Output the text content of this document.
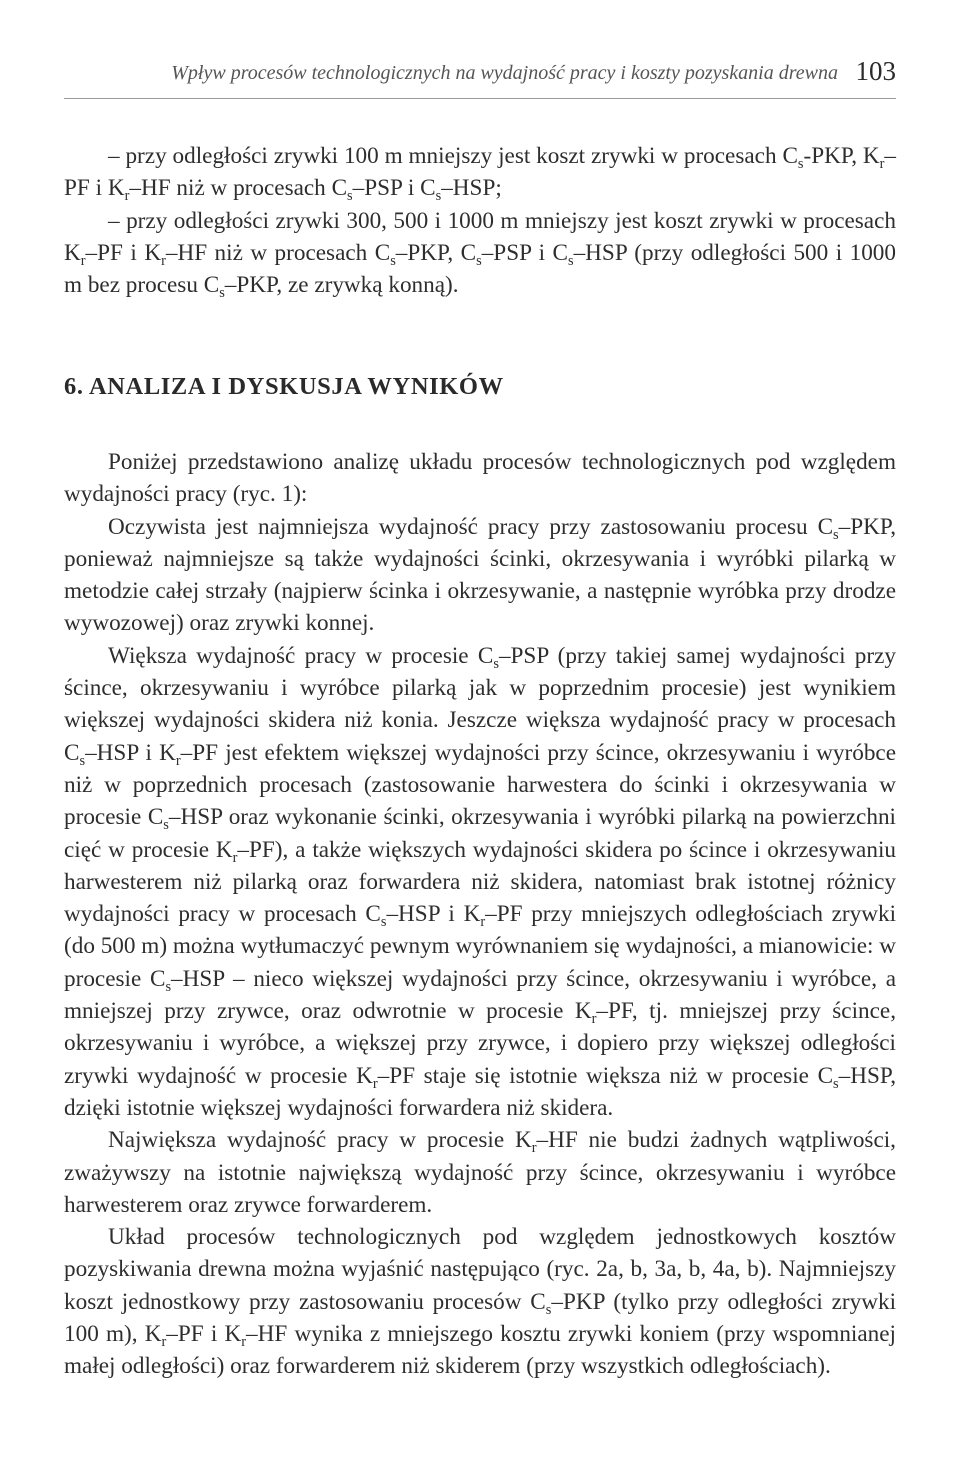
Wpływ procesów technologicznych na wydajność pracy i koszty pozyskania drewna 103

– przy odległości zrywki 100 m mniejszy jest koszt zrywki w procesach $C_s$-PKP, $K_r-PF$ i $K_r-HF$ niż w procesach $C_s$–PSP i $C_s$–HSP;

– przy odległości zrywki 300, 500 i 1000 m mniejszy jest koszt zrywki w procesach $K_r-PF$ i $K_r-HF$ niż w procesach $C_s$–PKP, $C_s$–PSP i $C_s$–HSP (przy odległości 500 i 1000 m bez procesu $C_s$–PKP, ze zrywką konną).

6. ANALIZA I DYSKUSJA WYNIKÓW

Poniżej przedstawiono analizę układu procesów technologicznych pod względem wydajności pracy (ryc. 1):

Oczywista jest najmniejsza wydajność pracy przy zastosowaniu procesu $C_s$–PKP, ponieważ najmniejsze są także wydajności ścinki, okrzesywania i wyróbki pilarką w metodzie całej strzały (najpierw ścinka i okrzesywanie, a następnie wyróbka przy drodze wywozowej) oraz zrywki konnej.

Większa wydajność pracy w procesie $C_s$–PSP (przy takiej samej wydajności przy ścince, okrzesywaniu i wyróbce pilarką jak w poprzednim procesie) jest wynikiem większej wydajności skidera niż konia. Jeszcze większa wydajność pracy w procesach $C_s$–HSP i $K_r-PF$ jest efektem większej wydajności przy ścince, okrzesywaniu i wyróbce niż w poprzednich procesach (zastosowanie harwestera do ścinki i okrzesywania w procesie $C_s$–HSP oraz wykonanie ścinki, okrzesywania i wyróbki pilarką na powierzchni cięć w procesie $K_r-PF$), a także większych wydajności skidera po ścince i okrzesywaniu harwesterem niż pilarką oraz forwardera niż skidera, natomiast brak istotnej różnicy wydajności pracy w procesach $C_s$–HSP i $K_r-PF$ przy mniejszych odległościach zrywki (do 500 m) można wytłumaczyć pewnym wyrównaniem się wydajności, a mianowicie: w procesie $C_s$–HSP – nieco większej wydajności przy ścince, okrzesywaniu i wyróbce, a mniejszej przy zrywce, oraz odwrotnie w procesie $K_r-PF$, tj. mniejszej przy ścince, okrzesywaniu i wyróbce, a większej przy zrywce, i dopiero przy większej odległości zrywki wydajność w procesie $K_r-PF$ staje się istotnie większa niż w procesie $C_s$–HSP, dzięki istotnie większej wydajności forwardera niż skidera.

Największa wydajność pracy w procesie $K_r-HF$ nie budzi żadnych wątpliwości, zważywszy na istotnie największą wydajność przy ścince, okrzesywaniu i wyróbce harwesterem oraz zrywce forwarderem.

Układ procesów technologicznych pod względem jednostkowych kosztów pozyskiwania drewna można wyjaśnić następująco (ryc. 2a, b, 3a, b, 4a, b). Najmniejszy koszt jednostkowy przy zastosowaniu procesów $C_s$–PKP (tylko przy odległości zrywki 100 m), $K_r-PF$ i $K_r-HF$ wynika z mniejszego kosztu zrywki koniem (przy wspomnianej małej odległości) oraz forwarderem niż skiderem (przy wszystkich odległościach).
